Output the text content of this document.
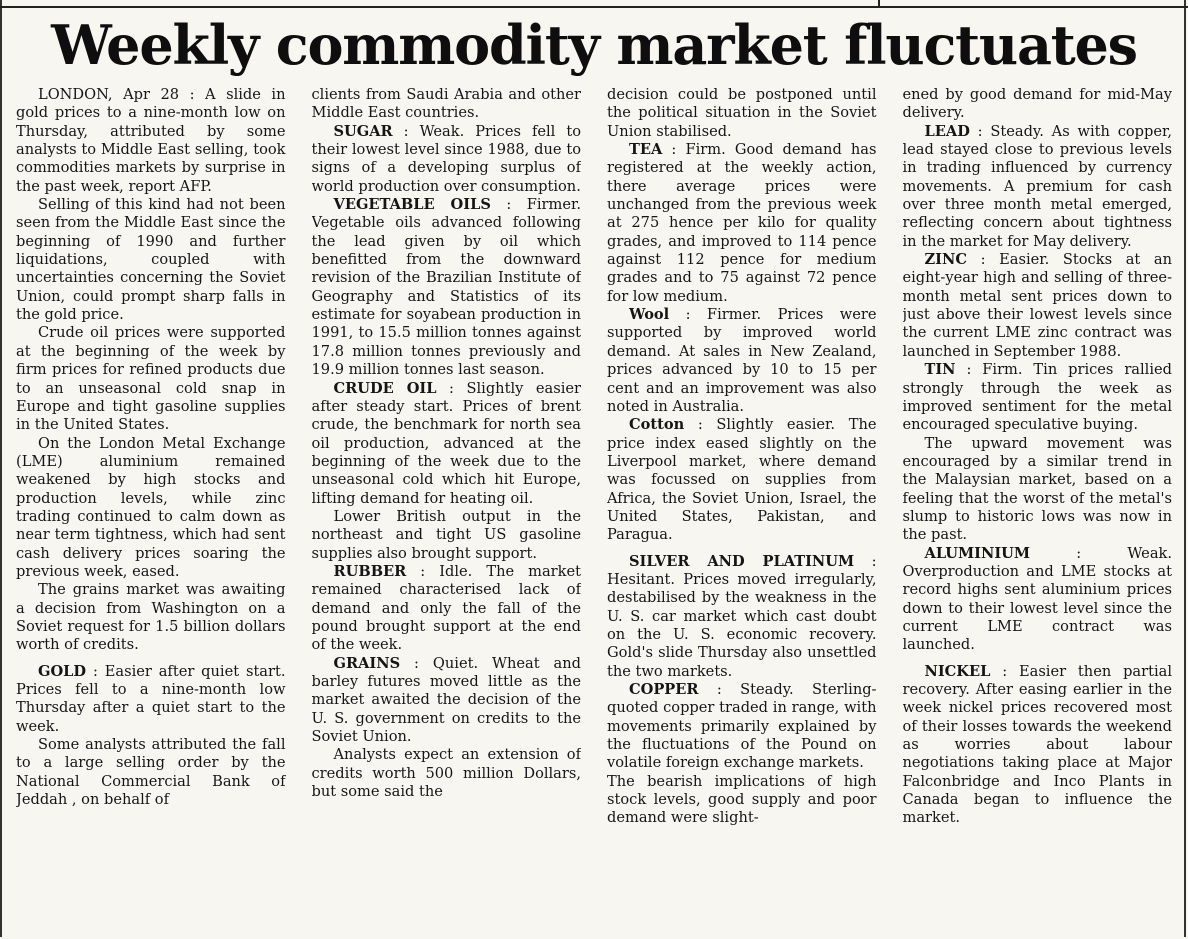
Weekly commodity market fluctuates

LONDON, Apr 28 : A slide in gold prices to a nine-month low on Thursday, attributed by some analysts to Middle East selling, took commodities markets by surprise in the past week, report AFP.

Selling of this kind had not been seen from the Middle East since the beginning of 1990 and further liquidations, coupled with uncertainties concerning the Soviet Union, could prompt sharp falls in the gold price.

Crude oil prices were supported at the beginning of the week by firm prices for refined products due to an unseasonal cold snap in Europe and tight gasoline supplies in the United States.

On the London Metal Exchange (LME) aluminium remained weakened by high stocks and production levels, while zinc trading continued to calm down as near term tightness, which had sent cash delivery prices soaring the previous week, eased.

The grains market was awaiting a decision from Washington on a Soviet request for 1.5 billion dollars worth of credits.

GOLD : Easier after quiet start. Prices fell to a nine-month low Thursday after a quiet start to the week.

Some analysts attributed the fall to a large selling order by the National Commercial Bank of Jeddah , on behalf of

clients from Saudi Arabia and other Middle East countries.

SUGAR : Weak. Prices fell to their lowest level since 1988, due to signs of a developing surplus of world production over consumption.

VEGETABLE OILS : Firmer. Vegetable oils advanced following the lead given by oil which benefitted from the downward revision of the Brazilian Institute of Geography and Statistics of its estimate for soyabean production in 1991, to 15.5 million tonnes against 17.8 million tonnes previously and 19.9 million tonnes last season.

CRUDE OIL : Slightly easier after steady start. Prices of brent crude, the benchmark for north sea oil production, advanced at the beginning of the week due to the unseasonal cold which hit Europe, lifting demand for heating oil.

Lower British output in the northeast and tight US gasoline supplies also brought support.

RUBBER : Idle. The market remained characterised lack of demand and only the fall of the pound brought support at the end of the week.

GRAINS : Quiet. Wheat and barley futures moved little as the market awaited the decision of the U. S. government on credits to the Soviet Union.

Analysts expect an extension of credits worth 500 million Dollars, but some said the

decision could be postponed until the political situation in the Soviet Union stabilised.

TEA : Firm. Good demand has registered at the weekly action, there average prices were unchanged from the previous week at 275 hence per kilo for quality grades, and improved to 114 pence against 112 pence for medium grades and to 75 against 72 pence for low medium.

Wool : Firmer. Prices were supported by improved world demand. At sales in New Zealand, prices advanced by 10 to 15 per cent and an improvement was also noted in Australia.

Cotton : Slightly easier. The price index eased slightly on the Liverpool market, where demand was focussed on supplies from Africa, the Soviet Union, Israel, the United States, Pakistan, and Paragua.

SILVER AND PLATINUM : Hesitant. Prices moved irregularly, destabilised by the weakness in the U. S. car market which cast doubt on the U. S. economic recovery. Gold's slide Thursday also unsettled the two markets.

COPPER : Steady. Sterling-quoted copper traded in range, with movements primarily explained by the fluctuations of the Pound on volatile foreign exchange markets.

The bearish implications of high stock levels, good supply and poor demand were slight-

ened by good demand for mid-May delivery.

LEAD : Steady. As with copper, lead stayed close to previous levels in trading influenced by currency movements. A premium for cash over three month metal emerged, reflecting concern about tightness in the market for May delivery.

ZINC : Easier. Stocks at an eight-year high and selling of three-month metal sent prices down to just above their lowest levels since the current LME zinc contract was launched in September 1988.

TIN : Firm. Tin prices rallied strongly through the week as improved sentiment for the metal encouraged speculative buying.

The upward movement was encouraged by a similar trend in the Malaysian market, based on a feeling that the worst of the metal's slump to historic lows was now in the past.

ALUMINIUM : Weak. Overproduction and LME stocks at record highs sent aluminium prices down to their lowest level since the current LME contract was launched.

NICKEL : Easier then partial recovery. After easing earlier in the week nickel prices recovered most of their losses towards the weekend as worries about labour negotiations taking place at Major Falconbridge and Inco Plants in Canada began to influence the market.
